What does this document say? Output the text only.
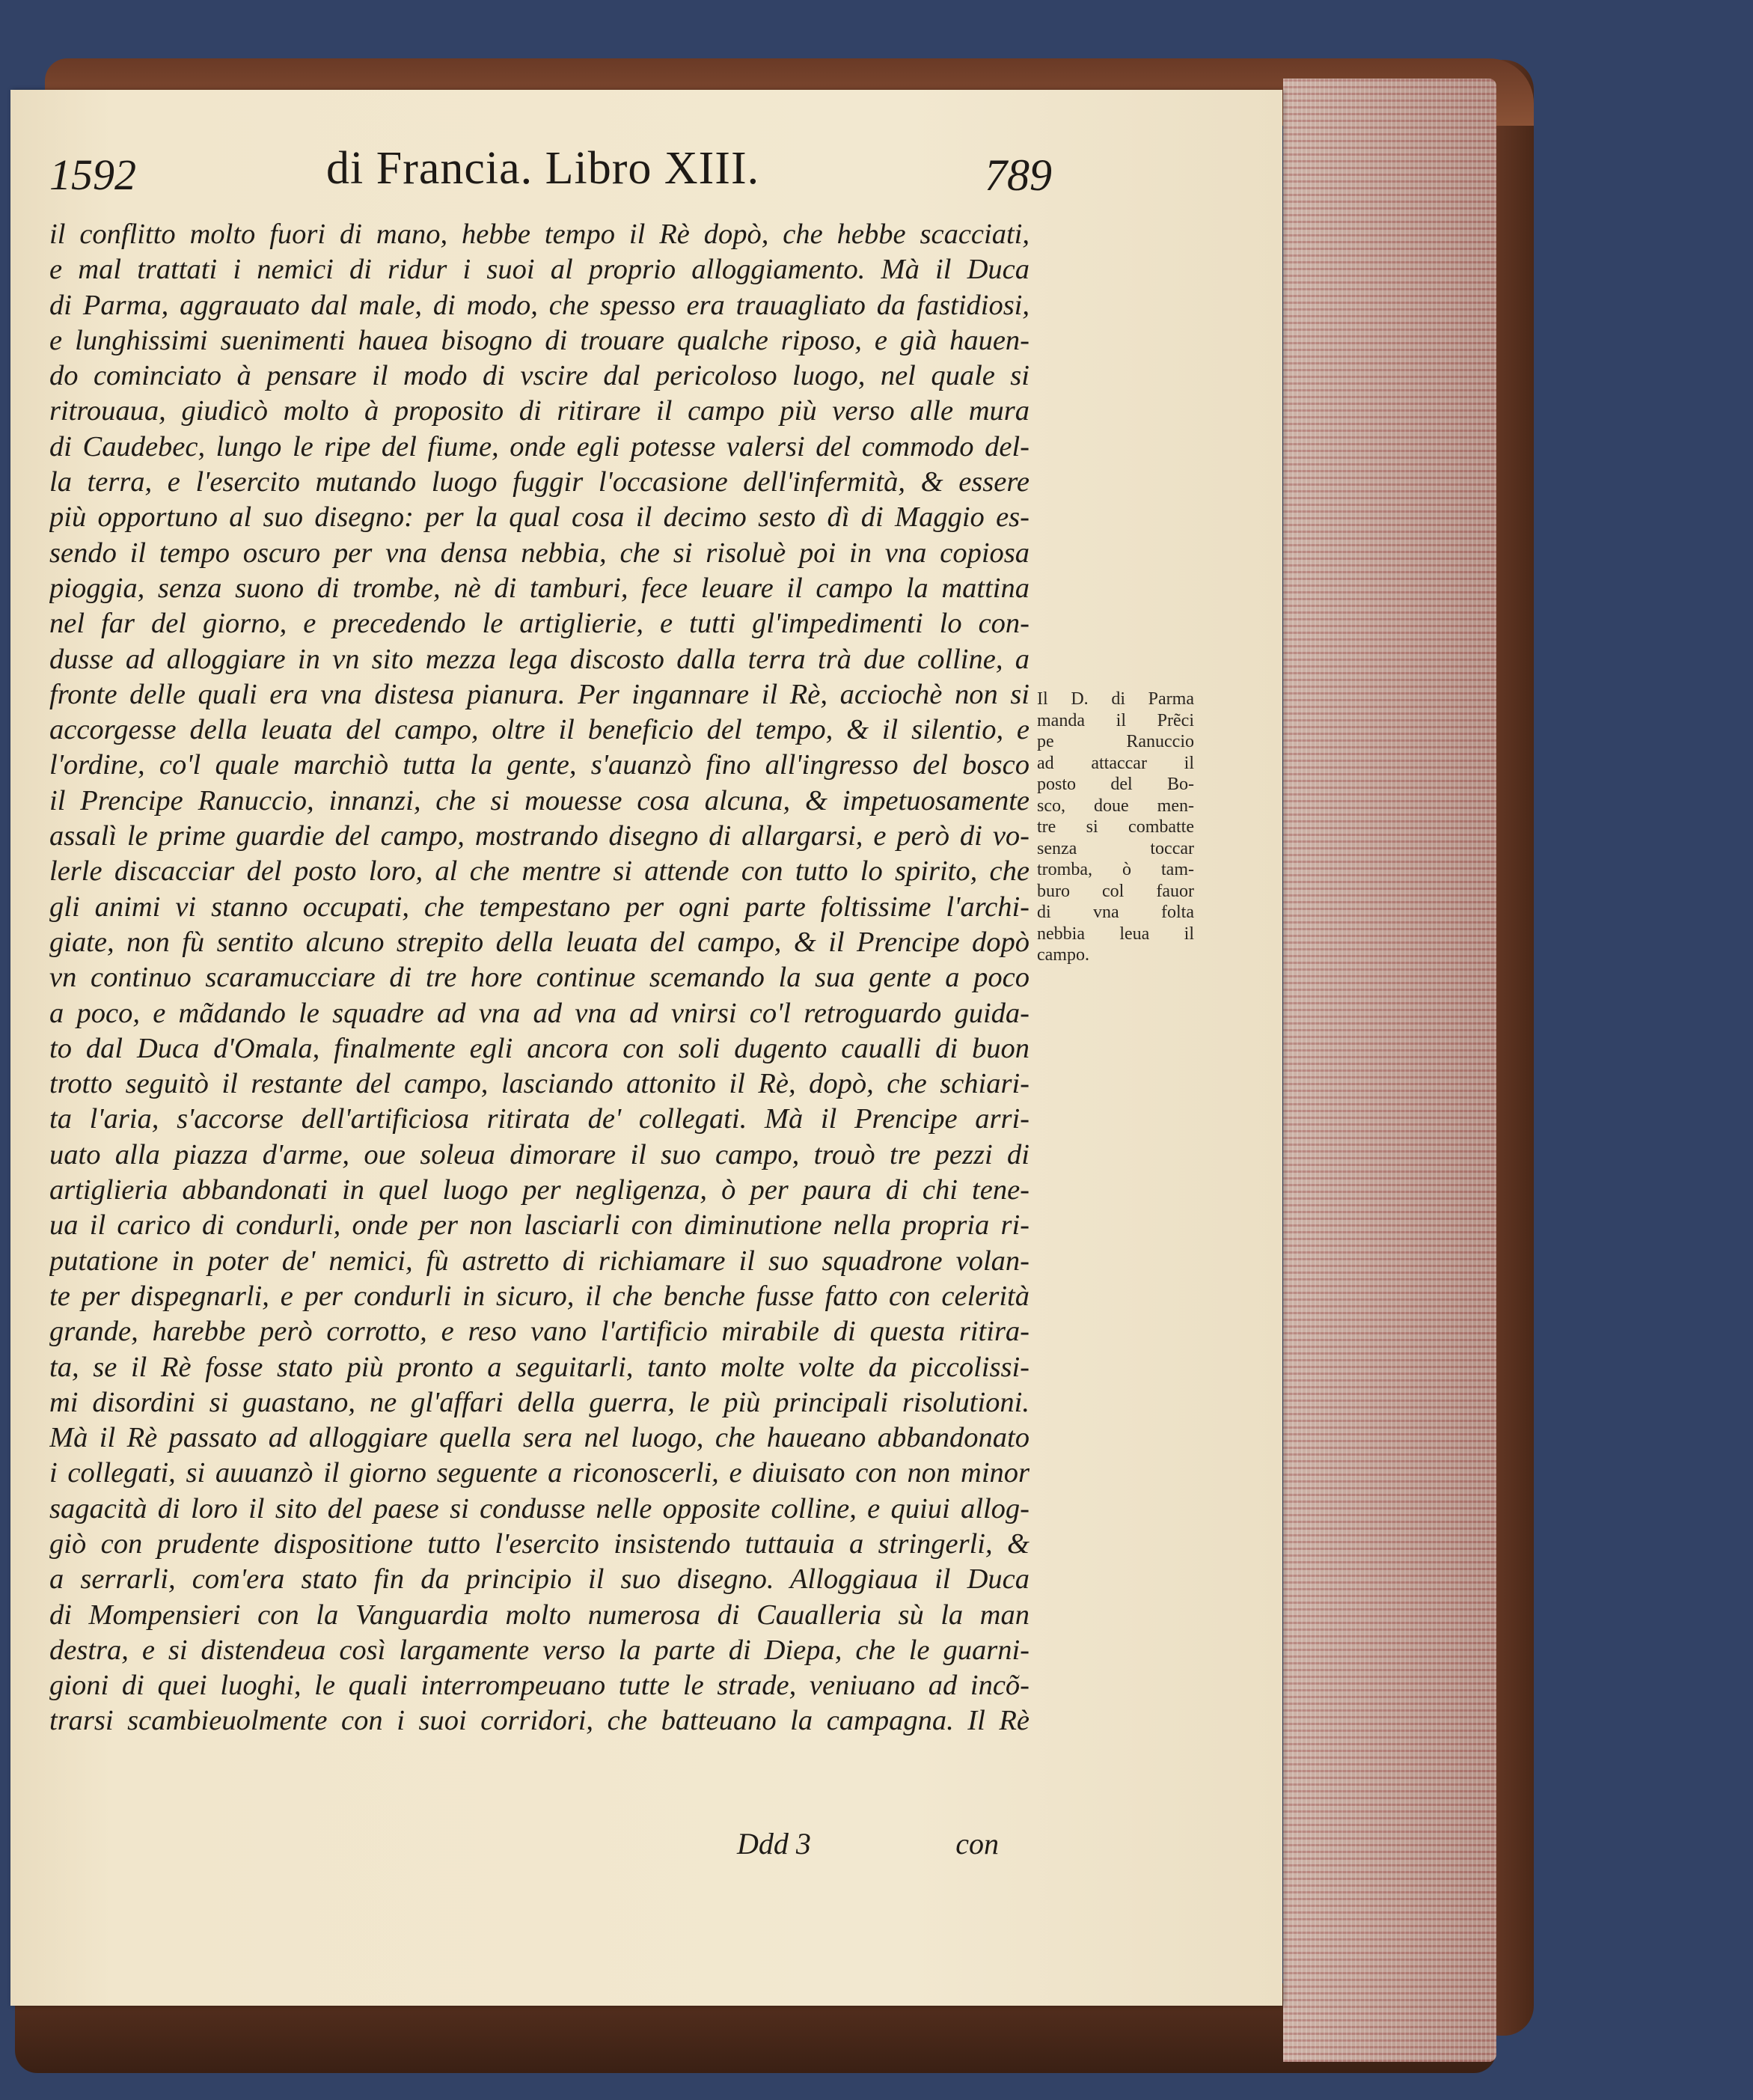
1592	di Francia. Libro XIII.	789
il conflitto molto fuori di mano, hebbe tempo il Rè dopò, che hebbe scacciati,
e mal trattati i nemici di ridur i suoi al proprio alloggiamento. Mà il Duca
di Parma, aggrauato dal male, di modo, che spesso era trauagliato da fastidiosi,
e lunghissimi suenimenti hauea bisogno di trouare qualche riposo, e già hauen-
do cominciato à pensare il modo di vscire dal pericoloso luogo, nel quale si
ritrouaua, giudicò molto à proposito di ritirare il campo più verso alle mura
di Caudebec, lungo le ripe del fiume, onde egli potesse valersi del commodo del-
la terra, e l'esercito mutando luogo fuggir l'occasione dell'infermità, & essere
più opportuno al suo disegno: per la qual cosa il decimo sesto dì di Maggio es-
sendo il tempo oscuro per vna densa nebbia, che si risoluè poi in vna copiosa
pioggia, senza suono di trombe, nè di tamburi, fece leuare il campo la mattina
nel far del giorno, e precedendo le artiglierie, e tutti gl'impedimenti lo con-
dusse ad alloggiare in vn sito mezza lega discosto dalla terra trà due colline, a
fronte delle quali era vna distesa pianura. Per ingannare il Rè, acciochè non si
accorgesse della leuata del campo, oltre il beneficio del tempo, & il silentio, e
l'ordine, co'l quale marchiò tutta la gente, s'auanzò fino all'ingresso del bosco
il Prencipe Ranuccio, innanzi, che si mouesse cosa alcuna, & impetuosamente
assalì le prime guardie del campo, mostrando disegno di allargarsi, e però di vo-
lerle discacciar del posto loro, al che mentre si attende con tutto lo spirito, che
gli animi vi stanno occupati, che tempestano per ogni parte foltissime l'archi-
giate, non fù sentito alcuno strepito della leuata del campo, & il Prencipe dopò
vn continuo scaramucciare di tre hore continue scemando la sua gente a poco
a poco, e mãdando le squadre ad vna ad vna ad vnirsi co'l retroguardo guida-
to dal Duca d'Omala, finalmente egli ancora con soli dugento caualli di buon
trotto seguitò il restante del campo, lasciando attonito il Rè, dopò, che schiari-
ta l'aria, s'accorse dell'artificiosa ritirata de' collegati. Mà il Prencipe arri-
uato alla piazza d'arme, oue soleua dimorare il suo campo, trouò tre pezzi di
artiglieria abbandonati in quel luogo per negligenza, ò per paura di chi tene-
ua il carico di condurli, onde per non lasciarli con diminutione nella propria ri-
putatione in poter de' nemici, fù astretto di richiamare il suo squadrone volan-
te per dispegnarli, e per condurli in sicuro, il che benche fusse fatto con celerità
grande, harebbe però corrotto, e reso vano l'artificio mirabile di questa ritira-
ta, se il Rè fosse stato più pronto a seguitarli, tanto molte volte da piccolissi-
mi disordini si guastano, ne gl'affari della guerra, le più principali risolutioni.
Mà il Rè passato ad alloggiare quella sera nel luogo, che haueano abbandonato
i collegati, si auuanzò il giorno seguente a riconoscerli, e diuisato con non minor
sagacità di loro il sito del paese si condusse nelle opposite colline, e quiui allog-
giò con prudente dispositione tutto l'esercito insistendo tuttauia a stringerli, &
a serrarli, com'era stato fin da principio il suo disegno. Alloggiaua il Duca
di Mompensieri con la Vanguardia molto numerosa di Caualleria sù la man
destra, e si distendeua così largamente verso la parte di Diepa, che le guarni-
gioni di quei luoghi, le quali interrompeuano tutte le strade, veniuano ad incõ-
trarsi scambieuolmente con i suoi corridori, che batteuano la campagna. Il Rè
Il D. di Parma
manda il Prẽci
pe Ranuccio
ad attaccar il
posto del Bo-
sco, doue men-
tre si combatte
senza toccar
tromba, ò tam-
buro col fauor
di vna folta
nebbia leua il
campo.
Ddd 3	con
